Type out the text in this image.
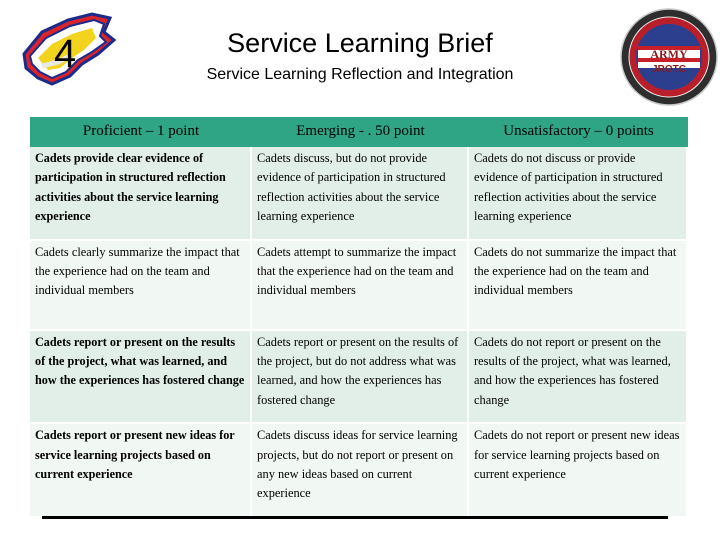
4	Service Learning Brief
Service Learning Reflection and Integration
ARMY
JROTC
Proficient – 1 point	Emerging - . 50 point	Unsatisfactory – 0 points
Cadets provide clear evidence of participation in structured reflection activities about the service learning experience	Cadets discuss, but do not provide evidence of participation in structured reflection activities about the service learning experience	Cadets do not discuss or provide evidence of participation in structured reflection activities about the service learning experience
Cadets clearly summarize the impact that the experience had on the team and individual members	Cadets attempt to summarize the impact that the experience had on the team and individual members	Cadets do not summarize the impact that the experience had on the team and individual members
Cadets report or present on the results of the project, what was learned, and how the experiences has fostered change	Cadets report or present on the results of the project, but do not address what was learned, and how the experiences has fostered change	Cadets do not report or present on the results of the project, what was learned, and how the experiences has fostered change
Cadets report or present new ideas for service learning projects based on current experience	Cadets discuss ideas for service learning projects, but do not report or present on any new ideas based on current experience	Cadets do not report or present new ideas for service learning projects based on current experience
